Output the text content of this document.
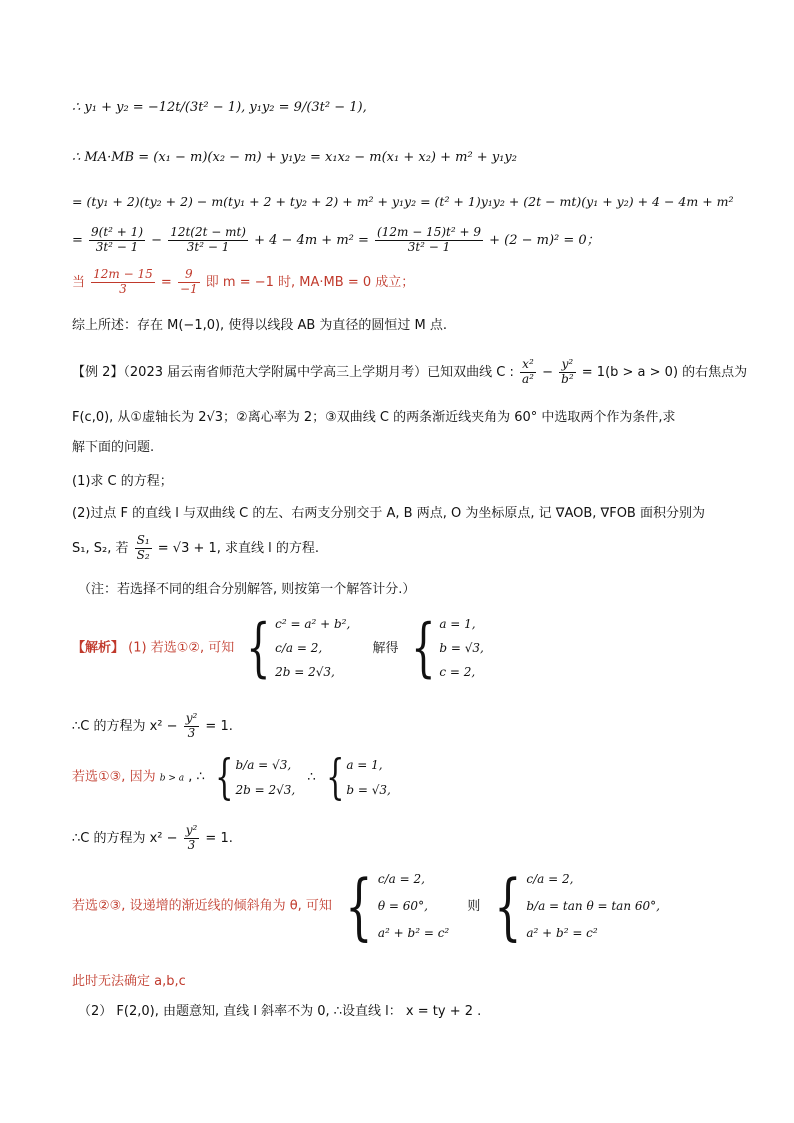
∴ y₁ + y₂ = −12t/(3t² − 1), y₁y₂ = 9/(3t² − 1),
∴ MA·MB = (x₁ − m)(x₂ − m) + y₁y₂ = x₁x₂ − m(x₁ + x₂) + m² + y₁y₂
= (ty₁ + 2)(ty₂ + 2) − m(ty₁ + 2 + ty₂ + 2) + m² + y₁y₂ = (t² + 1)y₁y₂ + (2t − mt)(y₁ + y₂) + 4 − 4m + m²
= $\frac{\text{9(t² + 1)}}{\text{3t² − 1}} - \frac{12t(2t - mt)}{\text{3t² − 1}} + 4 - 4m + m^2 = \frac{\text{(12m − 15)t² + 9}}{\text{3t² − 1}} + (2 - m)^2 = 0$；
当 $\frac{12m - 15}{3} = \frac{9}{-1}$ 即 m = −1 时, MA·MB = 0 成立；
综上所述：存在 M(−1,0), 使得以线段 AB 为直径的圆恒过 M 点.
【例 2】（2023 届云南省师范大学附属中学高三上学期月考）已知双曲线 C : $\frac{\text{x²}}{\text{a²}} - \frac{\text{y²}}{\text{b²}} = 1(b > a > 0)$ 的右焦点为
F(c,0), 从①虚轴长为 2√3；②离心率为 2；③双曲线 C 的两条渐近线夹角为 60° 中选取两个作为条件,求
解下面的问题.
(1)求 C 的方程；
(2)过点 F 的直线 l 与双曲线 C 的左、右两支分别交于 A, B 两点, O 为坐标原点, 记 ∇AOB, ∇FOB 面积分别为
S₁, S₂, 若 $\frac{\text{S₁}}{\text{S₂}} = √3 + 1$, 求直线 l 的方程.
（注：若选择不同的组合分别解答, 则按第一个解答计分.）
【解析】 (1) 若选①②, 可知 { c² = a² + b²,
c/a = 2,
2b = 2√3,
解得 { a = 1,
b = √3,
c = 2,
∴C 的方程为 $x^2 - \frac{\text{y²}}{3} = 1$.
若选①③, 因为 b > a , ∴ { b/a = √3,
2b = 2√3,
∴ { a = 1,
b = √3,
∴C 的方程为 $x^2 - \frac{\text{y²}}{3} = 1$.
若选②③, 设递增的渐近线的倾斜角为 θ, 可知 { c/a = 2,
θ = 60°,
a² + b² = c²
则 { c/a = 2,
b/a = tan θ = tan 60°,
a² + b² = c²
此时无法确定 a,b,c
（2） F(2,0), 由题意知, 直线 l 斜率不为 0, ∴设直线 l： x = ty + 2 .
